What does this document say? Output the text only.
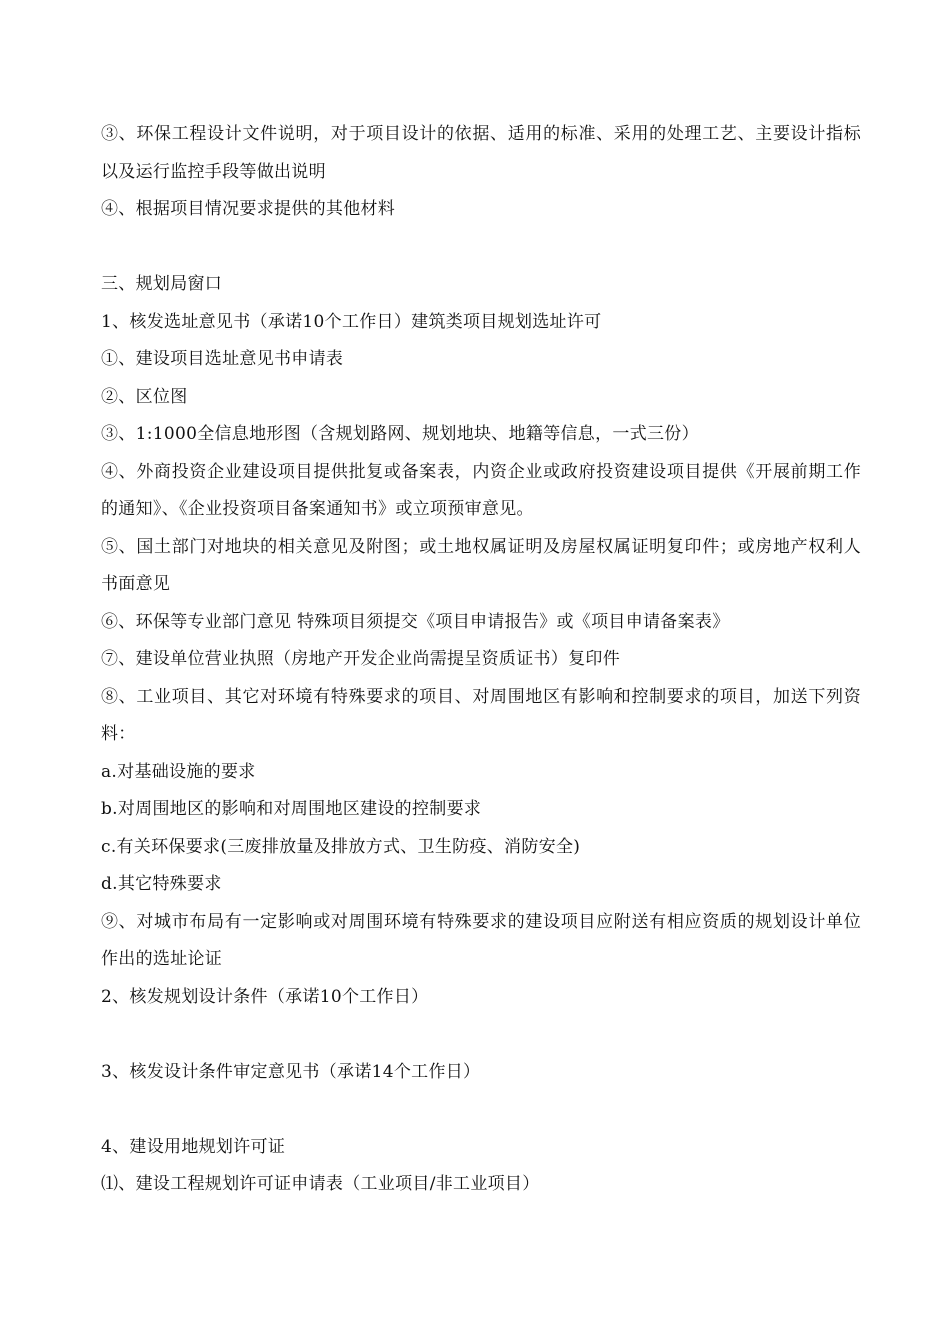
③、环保工程设计文件说明，对于项目设计的依据、适用的标准、采用的处理工艺、主要设计指标以及运行监控手段等做出说明
④、根据项目情况要求提供的其他材料
三、规划局窗口
1、核发选址意见书（承诺10个工作日）建筑类项目规划选址许可
①、建设项目选址意见书申请表
②、区位图
③、1:1000全信息地形图（含规划路网、规划地块、地籍等信息，一式三份）
④、外商投资企业建设项目提供批复或备案表，内资企业或政府投资建设项目提供《开展前期工作的通知》、《企业投资项目备案通知书》或立项预审意见。
⑤、国土部门对地块的相关意见及附图；或土地权属证明及房屋权属证明复印件；或房地产权利人书面意见
⑥、环保等专业部门意见 特殊项目须提交《项目申请报告》或《项目申请备案表》
⑦、建设单位营业执照（房地产开发企业尚需提呈资质证书）复印件
⑧、工业项目、其它对环境有特殊要求的项目、对周围地区有影响和控制要求的项目，加送下列资料：
a.对基础设施的要求
b.对周围地区的影响和对周围地区建设的控制要求
c.有关环保要求(三废排放量及排放方式、卫生防疫、消防安全)
d.其它特殊要求
⑨、对城市布局有一定影响或对周围环境有特殊要求的建设项目应附送有相应资质的规划设计单位作出的选址论证
2、核发规划设计条件（承诺10个工作日）
3、核发设计条件审定意见书（承诺14个工作日）
4、建设用地规划许可证
⑴、建设工程规划许可证申请表（工业项目/非工业项目）
